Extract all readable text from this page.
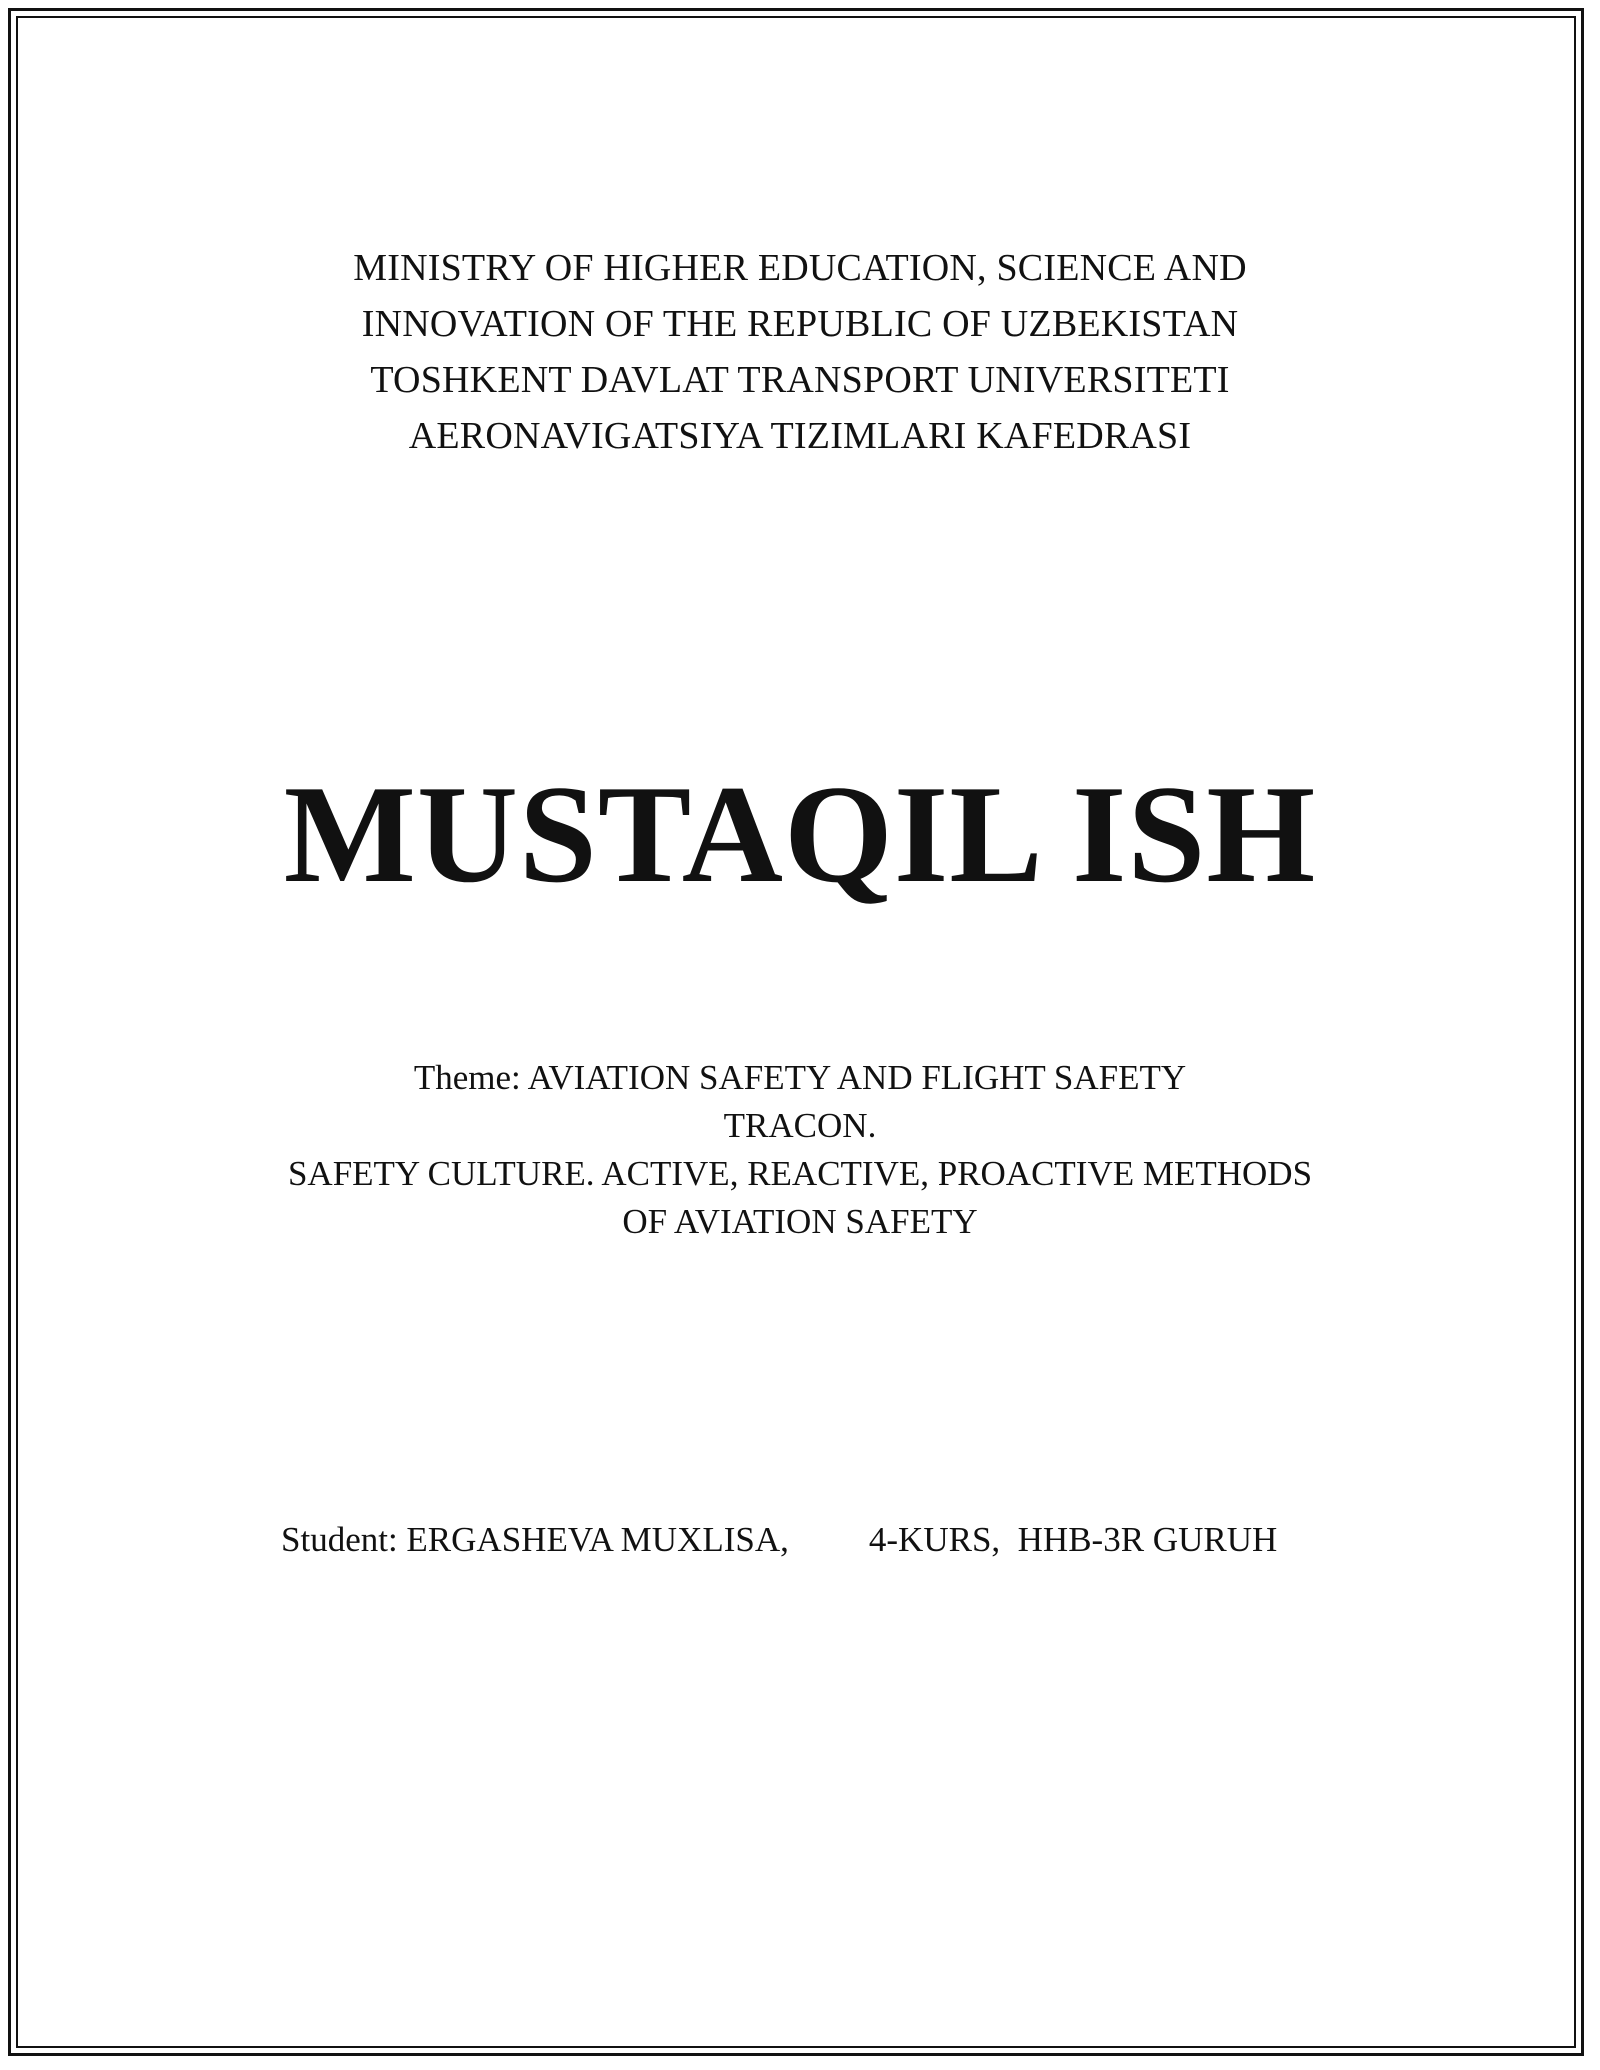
MINISTRY OF HIGHER EDUCATION, SCIENCE AND
INNOVATION OF THE REPUBLIC OF UZBEKISTAN
TOSHKENT DAVLAT TRANSPORT UNIVERSITETI
AERONAVIGATSIYA TIZIMLARI KAFEDRASI
MUSTAQIL ISH
Theme: AVIATION SAFETY AND FLIGHT SAFETY
TRACON.
SAFETY CULTURE. ACTIVE, REACTIVE, PROACTIVE METHODS
OF AVIATION SAFETY
Student: ERGASHEVA MUXLISA, 4-KURS,  HHB-3R GURUH
